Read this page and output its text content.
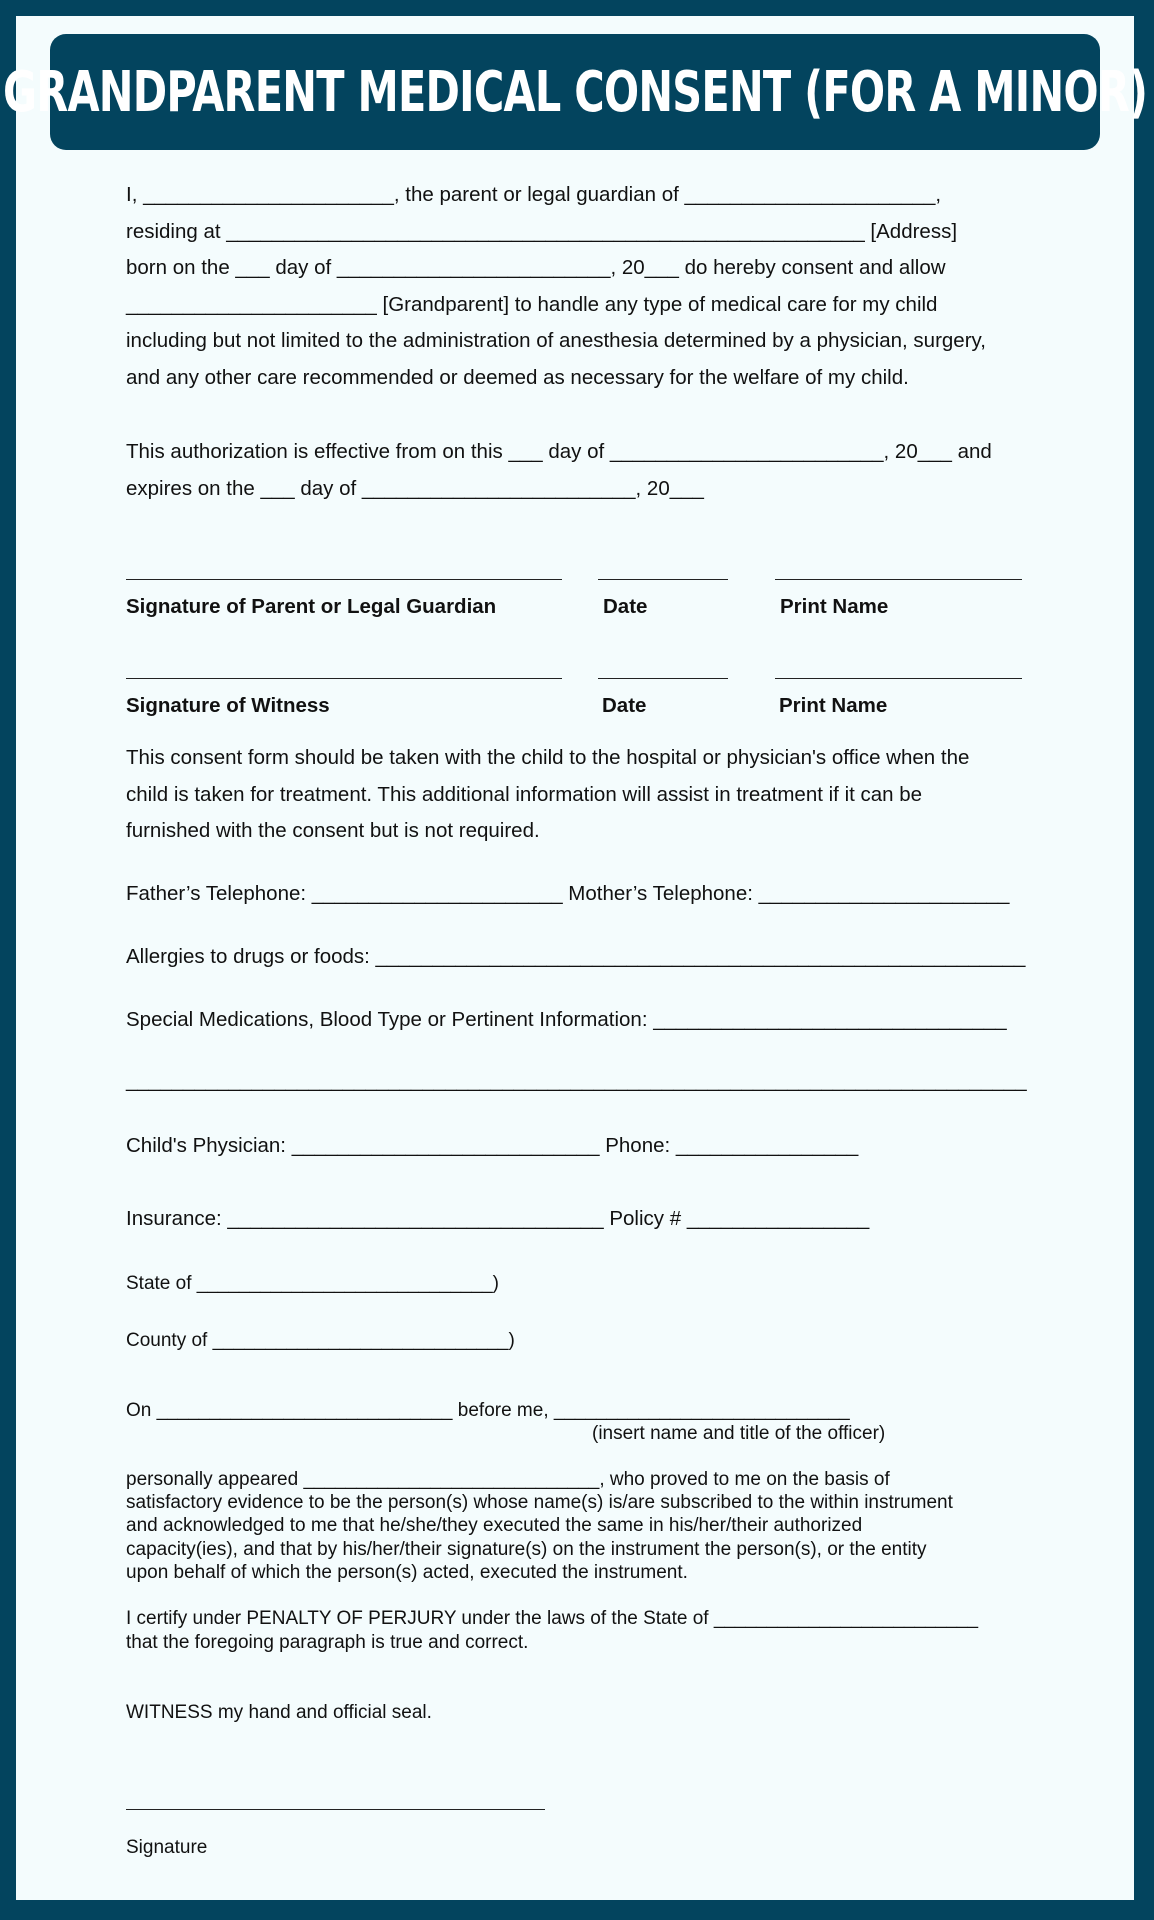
GRANDPARENT MEDICAL CONSENT (FOR A MINOR)
I, ______________________, the parent or legal guardian of ______________________,
residing at ________________________________________________________ [Address]
born on the ___ day of ________________________, 20___ do hereby consent and allow
______________________ [Grandparent] to handle any type of medical care for my child
including but not limited to the administration of anesthesia determined by a physician, surgery,
and any other care recommended or deemed as necessary for the welfare of my child.
This authorization is effective from on this ___ day of ________________________, 20___ and
expires on the ___ day of ________________________, 20___
Signature of Parent or Legal Guardian	Date	Print Name
Signature of Witness	Date	Print Name
This consent form should be taken with the child to the hospital or physician's office when the
child is taken for treatment. This additional information will assist in treatment if it can be
furnished with the consent but is not required.
Father’s Telephone: ______________________ Mother’s Telephone: ______________________
Allergies to drugs or foods: _________________________________________________________
Special Medications, Blood Type or Pertinent Information: _______________________________
_______________________________________________________________________________
Child's Physician: ___________________________ Phone: ________________
Insurance: _________________________________ Policy # ________________
State of ____________________________)
County of ____________________________)
On ____________________________ before me, ____________________________
(insert name and title of the officer)
personally appeared ____________________________, who proved to me on the basis of
satisfactory evidence to be the person(s) whose name(s) is/are subscribed to the within instrument
and acknowledged to me that he/she/they executed the same in his/her/their authorized
capacity(ies), and that by his/her/their signature(s) on the instrument the person(s), or the entity
upon behalf of which the person(s) acted, executed the instrument.
I certify under PENALTY OF PERJURY under the laws of the State of _________________________
that the foregoing paragraph is true and correct.
WITNESS my hand and official seal.
Signature
